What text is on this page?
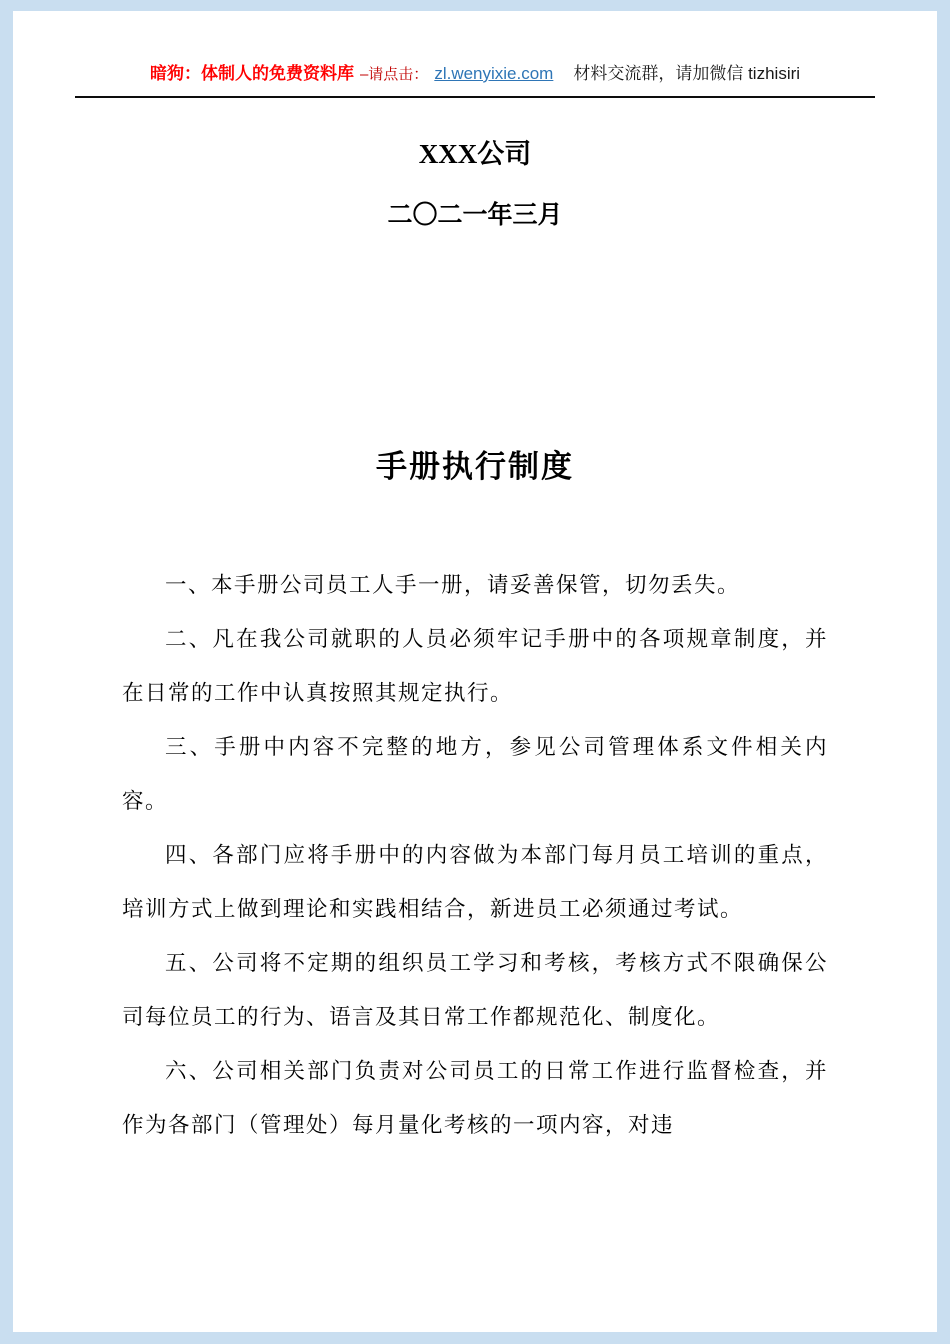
暗狗：体制人的免费资料库 –请点击： zl.wenyixie.com 材料交流群，请加微信 tizhisiri
XXX公司
二〇二一年三月
手册执行制度

一、本手册公司员工人手一册，请妥善保管，切勿丢失。

二、凡在我公司就职的人员必须牢记手册中的各项规章制度，并在日常的工作中认真按照其规定执行。

三、手册中内容不完整的地方，参见公司管理体系文件相关内容。

四、各部门应将手册中的内容做为本部门每月员工培训的重点，培训方式上做到理论和实践相结合，新进员工必须通过考试。

五、公司将不定期的组织员工学习和考核，考核方式不限确保公司每位员工的行为、语言及其日常工作都规范化、制度化。

六、公司相关部门负责对公司员工的日常工作进行监督检查，并作为各部门（管理处）每月量化考核的一项内容，对违
